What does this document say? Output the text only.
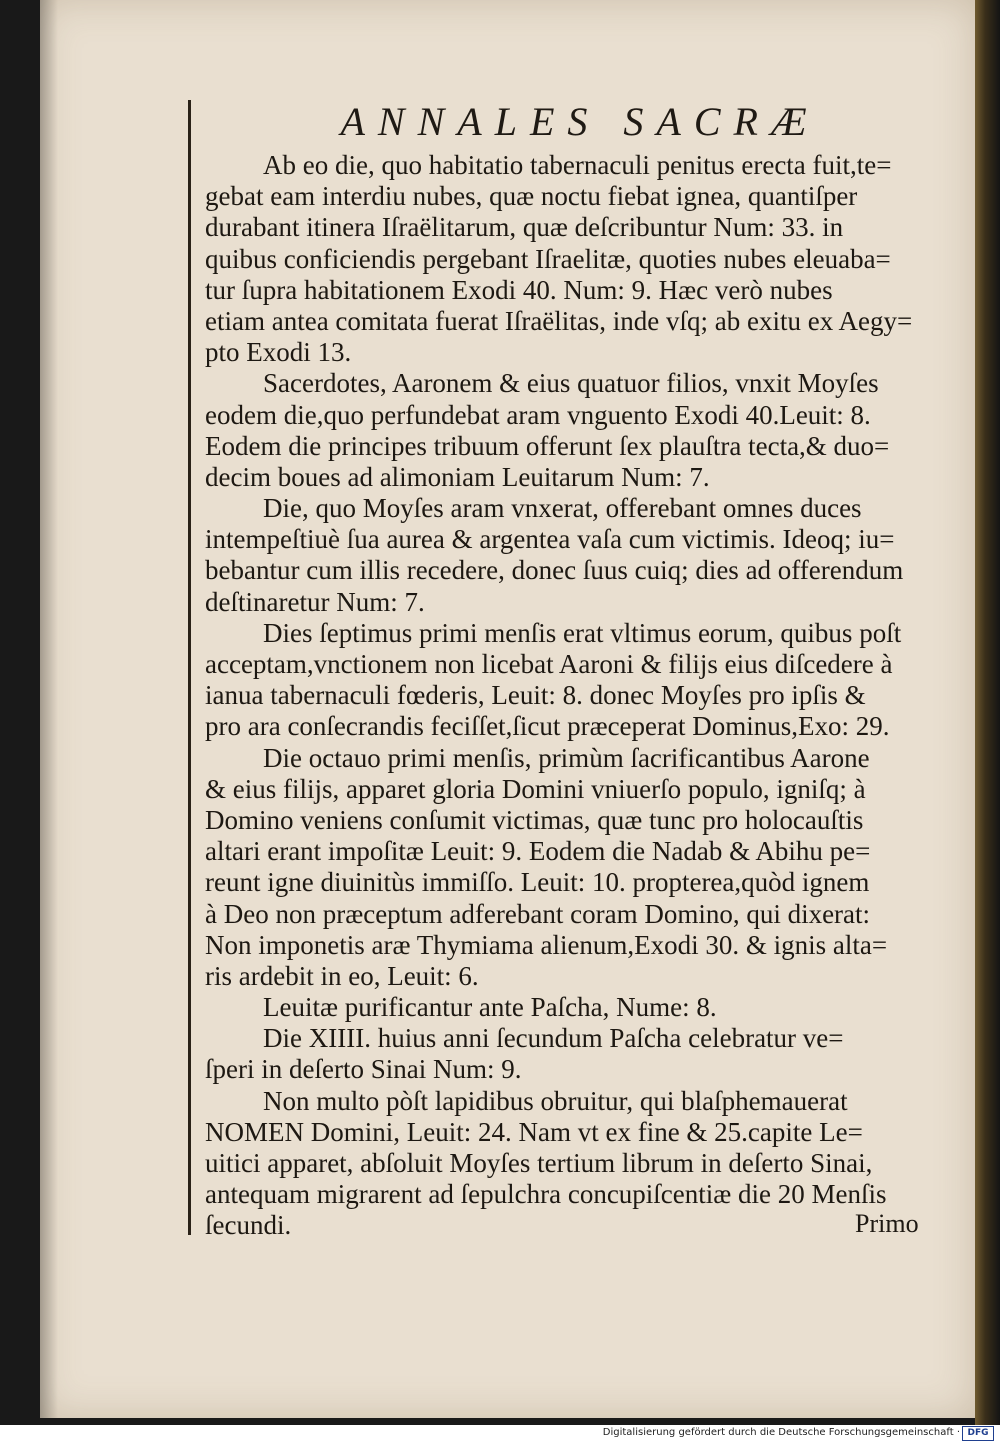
ANNALES SACRÆ
Ab eo die, quo habitatio tabernaculi penitus erecta fuit,te=
gebat eam interdiu nubes, quæ noctu fiebat ignea, quantiſper
durabant itinera Iſraëlitarum, quæ deſcribuntur Num: 33. in
quibus conficiendis pergebant Iſraelitæ, quoties nubes eleuaba=
tur ſupra habitationem Exodi 40. Num: 9. Hæc verò nubes
etiam antea comitata fuerat Iſraëlitas, inde vſq; ab exitu ex Aegy=
pto Exodi 13.
Sacerdotes, Aaronem & eius quatuor filios, vnxit Moyſes
eodem die,quo perfundebat aram vnguento Exodi 40.Leuit: 8.
Eodem die principes tribuum offerunt ſex plauſtra tecta,& duo=
decim boues ad alimoniam Leuitarum Num: 7.
Die, quo Moyſes aram vnxerat, offerebant omnes duces
intempeſtiuè ſua aurea & argentea vaſa cum victimis. Ideoq; iu=
bebantur cum illis recedere, donec ſuus cuiq; dies ad offerendum
deſtinaretur Num: 7.
Dies ſeptimus primi menſis erat vltimus eorum, quibus poſt
acceptam,vnctionem non licebat Aaroni & filijs eius diſcedere à
ianua tabernaculi fœderis, Leuit: 8. donec Moyſes pro ipſis &
pro ara conſecrandis feciſſet,ſicut præceperat Dominus,Exo: 29.
Die octauo primi menſis, primùm ſacrificantibus Aarone
& eius filijs, apparet gloria Domini vniuerſo populo, igniſq; à
Domino veniens conſumit victimas, quæ tunc pro holocauſtis
altari erant impoſitæ Leuit: 9. Eodem die Nadab & Abihu pe=
reunt igne diuinitùs immiſſo. Leuit: 10. propterea,quòd ignem
à Deo non præceptum adferebant coram Domino, qui dixerat:
Non imponetis aræ Thymiama alienum,Exodi 30. & ignis alta=
ris ardebit in eo, Leuit: 6.
Leuitæ purificantur ante Paſcha, Nume: 8.
Die XIIII. huius anni ſecundum Paſcha celebratur ve=
ſperi in deſerto Sinai Num: 9.
Non multo pòſt lapidibus obruitur, qui blaſphemauerat
NOMEN Domini, Leuit: 24. Nam vt ex fine & 25.capite Le=
uitici apparet, abſoluit Moyſes tertium librum in deſerto Sinai,
antequam migrarent ad ſepulchra concupiſcentiæ die 20 Menſis
ſecundi.	Primo
Digitalisierung gefördert durch die Deutsche Forschungsgemeinschaft · DFG
